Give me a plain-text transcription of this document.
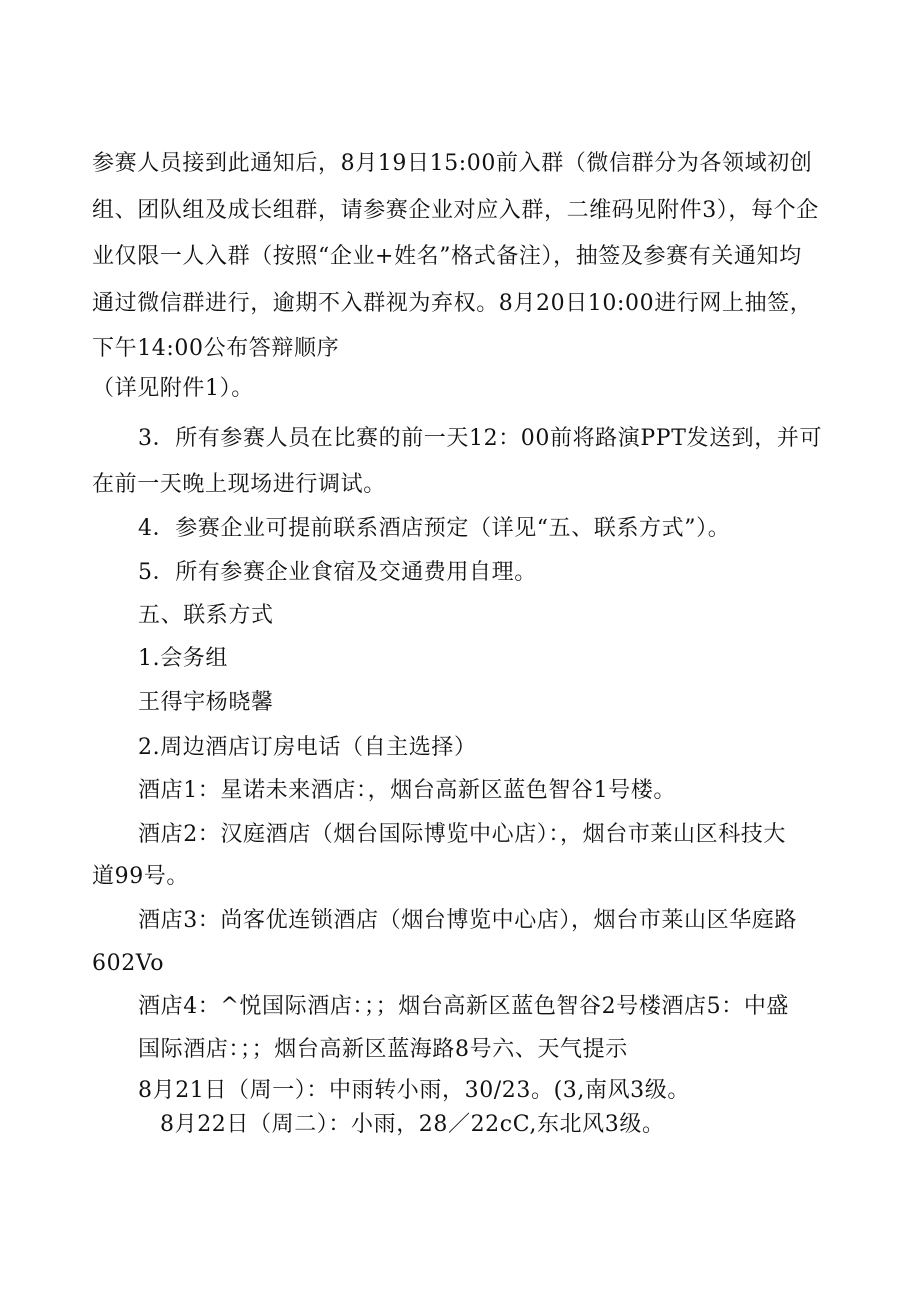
参赛人员接到此通知后，8月19日15:00前入群（微信群分为各领域初创
组、团队组及成长组群，请参赛企业对应入群，二维码见附件3），每个企
业仅限一人入群（按照“企业+姓名”格式备注），抽签及参赛有关通知均
通过微信群进行，逾期不入群视为弃权。8月20日10:00进行网上抽签，
下午14:00公布答辩顺序
（详见附件1）。
3．所有参赛人员在比赛的前一天12：00前将路演PPT发送到，并可
在前一天晚上现场进行调试。
4．参赛企业可提前联系酒店预定（详见“五、联系方式”）。
5．所有参赛企业食宿及交通费用自理。
五、联系方式
1.会务组
王得宇杨晓馨
2.周边酒店订房电话（自主选择）
酒店1：星诺未来酒店：，烟台高新区蓝色智谷1号楼。
酒店2：汉庭酒店（烟台国际博览中心店）：，烟台市莱山区科技大
道99号。
酒店3：尚客优连锁酒店（烟台博览中心店），烟台市莱山区华庭路
602Vo
酒店4：^悦国际酒店：；；烟台高新区蓝色智谷2号楼酒店5：中盛
国际酒店：；；烟台高新区蓝海路8号六、天气提示
8月21日（周一）：中雨转小雨，30/23。(3,南风3级。
8月22日（周二）：小雨，28／22cC,东北风3级。
